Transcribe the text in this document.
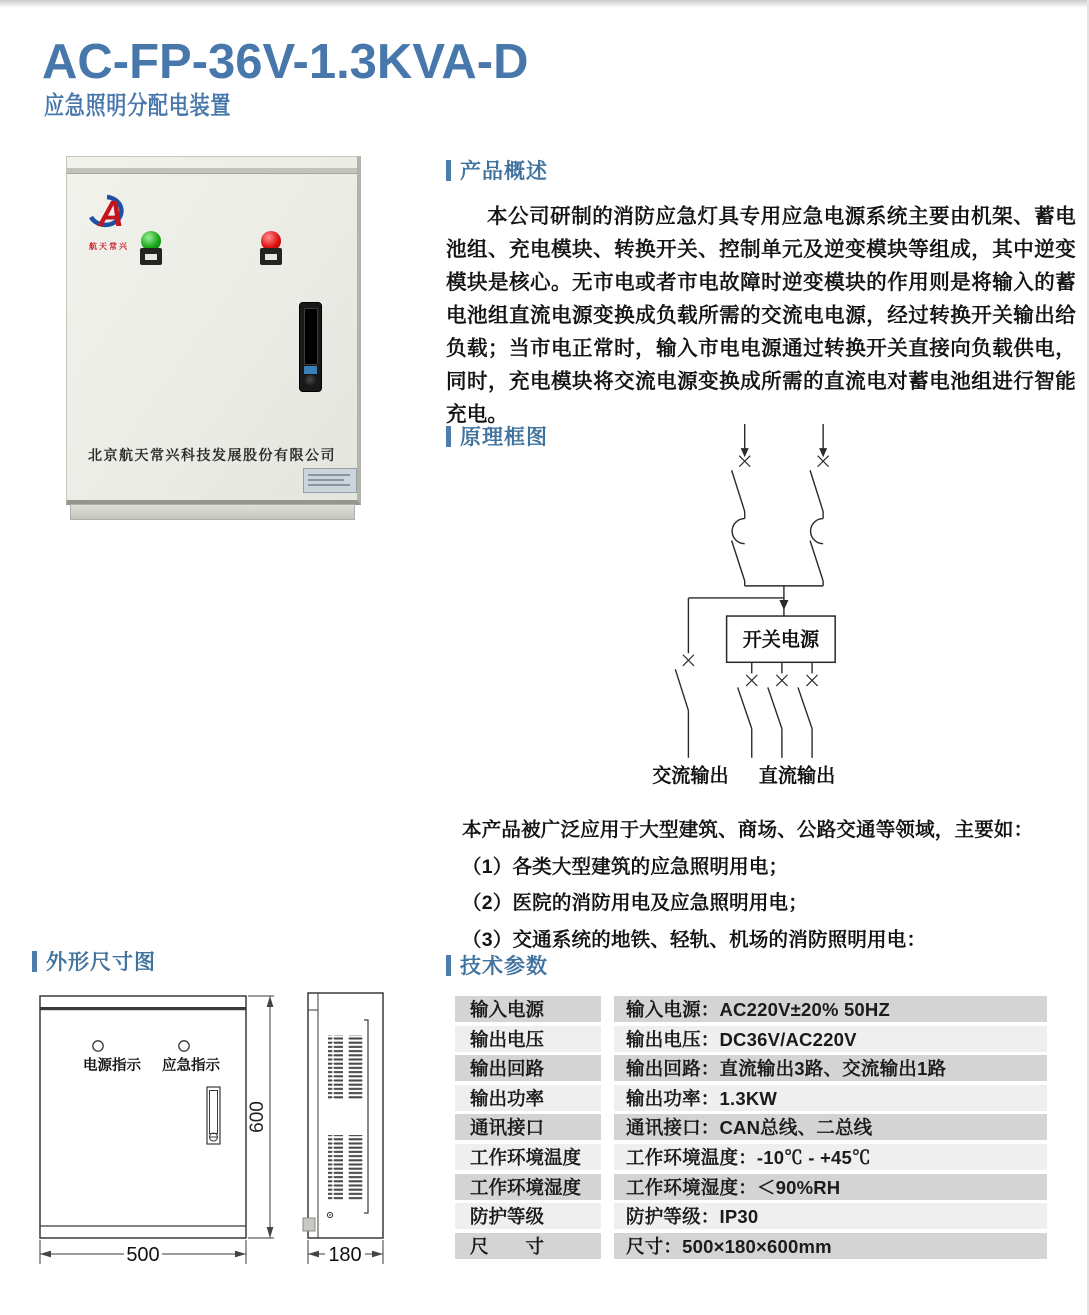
AC-FP-36V-1.3KVA-D
应急照明分配电装置
A
航天常兴
北京航天常兴科技发展股份有限公司
产品概述

本公司研制的消防应急灯具专用应急电源系统主要由机架、蓄电池组、充电模块、转换开关、控制单元及逆变模块等组成，其中逆变模块是核心。无市电或者市电故障时逆变模块的作用则是将输入的蓄电池组直流电源变换成负载所需的交流电电源，经过转换开关输出给负载；当市电正常时，输入市电电源通过转换开关直接向负载供电，同时，充电模块将交流电源变换成所需的直流电对蓄电池组进行智能充电。

原理框图
开关电源
交流输出 直流输出
本产品被广泛应用于大型建筑、商场、公路交通等领域，主要如：
（1）各类大型建筑的应急照明用电；
（2）医院的消防用电及应急照明用电；
（3）交通系统的地铁、轻轨、机场的消防照明用电：
外形尺寸图
电源指示 应急指示
600
500	180
技术参数
输入电源	输入电源：AC220V±20% 50HZ
输出电压	输出电压：DC36V/AC220V
输出回路	输出回路：直流输出3路、交流输出1路
输出功率	输出功率：1.3KW
通讯接口	通讯接口：CAN总线、二总线
工作环境温度	工作环境温度：-10℃ - +45℃
工作环境湿度	工作环境湿度：＜90%RH
防护等级	防护等级：IP30
尺　　寸	尺寸：500×180×600mm
